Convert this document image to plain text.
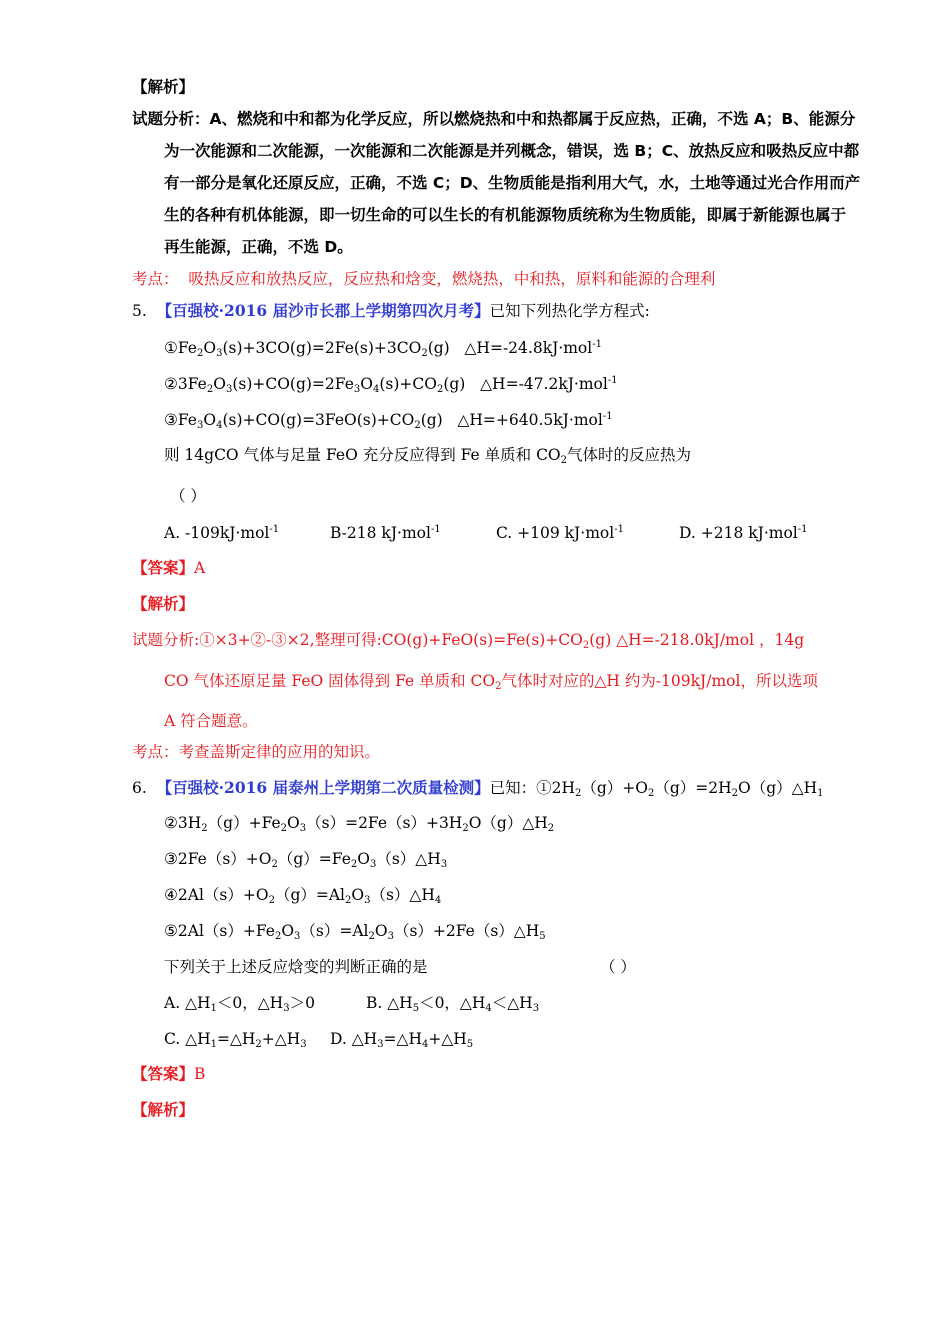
【解析】
试题分析：A、燃烧和中和都为化学反应，所以燃烧热和中和热都属于反应热，正确，不选 A；B、能源分
为一次能源和二次能源，一次能源和二次能源是并列概念，错误，选 B；C、放热反应和吸热反应中都
有一部分是氧化还原反应，正确，不选 C；D、生物质能是指利用大气，水，土地等通过光合作用而产
生的各种有机体能源，即一切生命的可以生长的有机能源物质统称为生物质能，即属于新能源也属于
再生能源，正确，不选 D。
考点： 吸热反应和放热反应，反应热和焓变，燃烧热，中和热，原料和能源的合理利
5. 【百强校·2016 届沙市长郡上学期第四次月考】已知下列热化学方程式:
①Fe2O3(s)+3CO(g)=2Fe(s)+3CO2(g)   △H=-24.8kJ·mol$^{-1}$
②3Fe2O3(s)+CO(g)=2Fe3O4(s)+CO2(g)   △H=-47.2kJ·mol$^{-1}$
③Fe3O4(s)+CO(g)=3FeO(s)+CO2(g)   △H=+640.5kJ·mol$^{-1}$
则 14gCO 气体与足量 FeO 充分反应得到 Fe 单质和 CO2气体时的反应热为
（ ）
A. -109kJ·mol$^{-1}$	B-218 kJ·mol$^{-1}$	C. +109 kJ·mol$^{-1}$	D. +218 kJ·mol$^{-1}$
【答案】A
【解析】
试题分析:①×3+②-③×2,整理可得:CO(g)+FeO(s)=Fe(s)+CO2(g) △H=-218.0kJ/mol ，14g
CO 气体还原足量 FeO 固体得到 Fe 单质和 CO2气体时对应的△H 约为-109kJ/mol，所以选项
A 符合题意。
考点：考查盖斯定律的应用的知识。
6. 【百强校·2016 届泰州上学期第二次质量检测】已知：①2H2（g）+O2（g）=2H2O（g）△H1
②3H2（g）+Fe2O3（s）=2Fe（s）+3H2O（g）△H2
③2Fe（s）+O2（g）=Fe2O3（s）△H3
④2Al（s）+O2（g）=Al2O3（s）△H4
⑤2Al（s）+Fe2O3（s）=Al2O3（s）+2Fe（s）△H5
下列关于上述反应焓变的判断正确的是	（ ）
A. △H1＜0，△H3＞0	B. △H5＜0，△H4＜△H3
C. △H1=△H2+△H3 D. △H3=△H4+△H5
【答案】B
【解析】
